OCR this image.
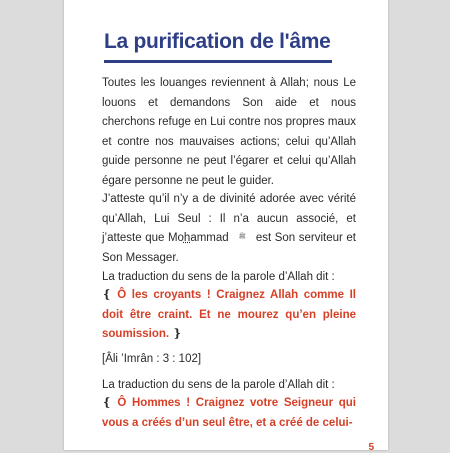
La purification de l'âme
Toutes les louanges reviennent à Allah; nous Le louons et demandons Son aide et nous cherchons refuge en Lui contre nos propres maux et contre nos mauvaises actions; celui qu’Allah guide personne ne peut l’égarer et celui qu’Allah égare personne ne peut le guider.
J’atteste qu’il n’y a de divinité adorée avec vérité qu’Allah, Lui Seul : Il n’a aucun associé, et j’atteste que Mohammad ﷺ est Son serviteur et Son Messager.
La traduction du sens de la parole d’Allah dit :
❴ Ô les croyants ! Craignez Allah comme Il doit être craint. Et ne mourez qu’en pleine soumission. ❵
[Âli ’Imrân : 3 : 102]
La traduction du sens de la parole d’Allah dit :
❴ Ô Hommes ! Craignez votre Seigneur qui vous a créés d’un seul être, et a créé de celui-
5
